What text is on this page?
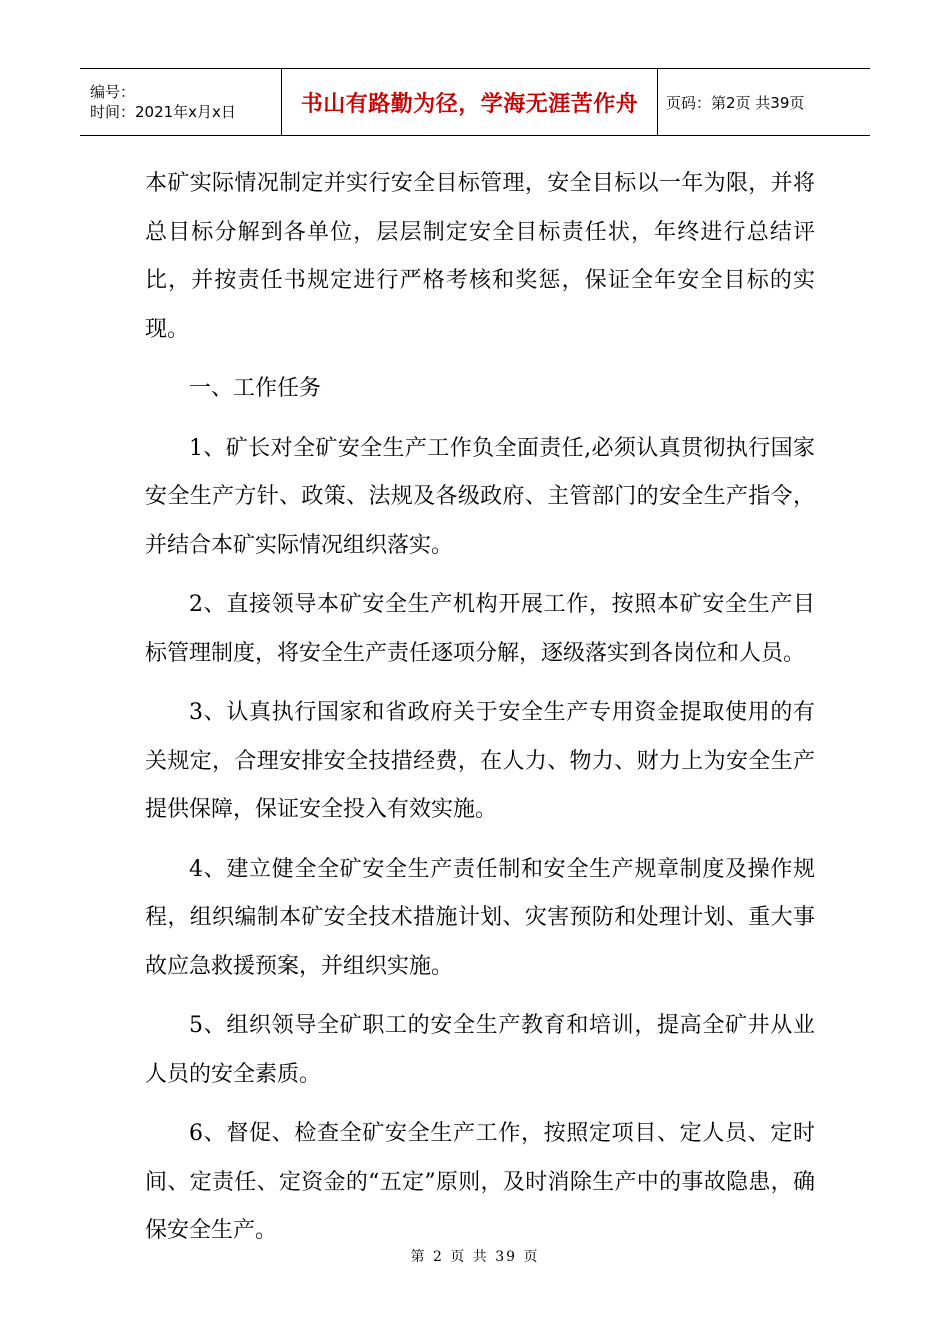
编号：
时间：2021年x月x日	书山有路勤为径，学海无涯苦作舟 页码：第2页 共39页

本矿实际情况制定并实行安全目标管理，安全目标以一年为限，并将总目标分解到各单位，层层制定安全目标责任状，年终进行总结评比，并按责任书规定进行严格考核和奖惩，保证全年安全目标的实现。

一、工作任务

1、矿长对全矿安全生产工作负全面责任,必须认真贯彻执行国家安全生产方针、政策、法规及各级政府、主管部门的安全生产指令，并结合本矿实际情况组织落实。

2、直接领导本矿安全生产机构开展工作，按照本矿安全生产目标管理制度，将安全生产责任逐项分解，逐级落实到各岗位和人员。

3、认真执行国家和省政府关于安全生产专用资金提取使用的有关规定，合理安排安全技措经费，在人力、物力、财力上为安全生产提供保障，保证安全投入有效实施。

4、建立健全全矿安全生产责任制和安全生产规章制度及操作规程，组织编制本矿安全技术措施计划、灾害预防和处理计划、重大事故应急救援预案，并组织实施。

5、组织领导全矿职工的安全生产教育和培训，提高全矿井从业人员的安全素质。

6、督促、检查全矿安全生产工作，按照定项目、定人员、定时间、定责任、定资金的“五定”原则，及时消除生产中的事故隐患，确保安全生产。

第 2 页 共 39 页
